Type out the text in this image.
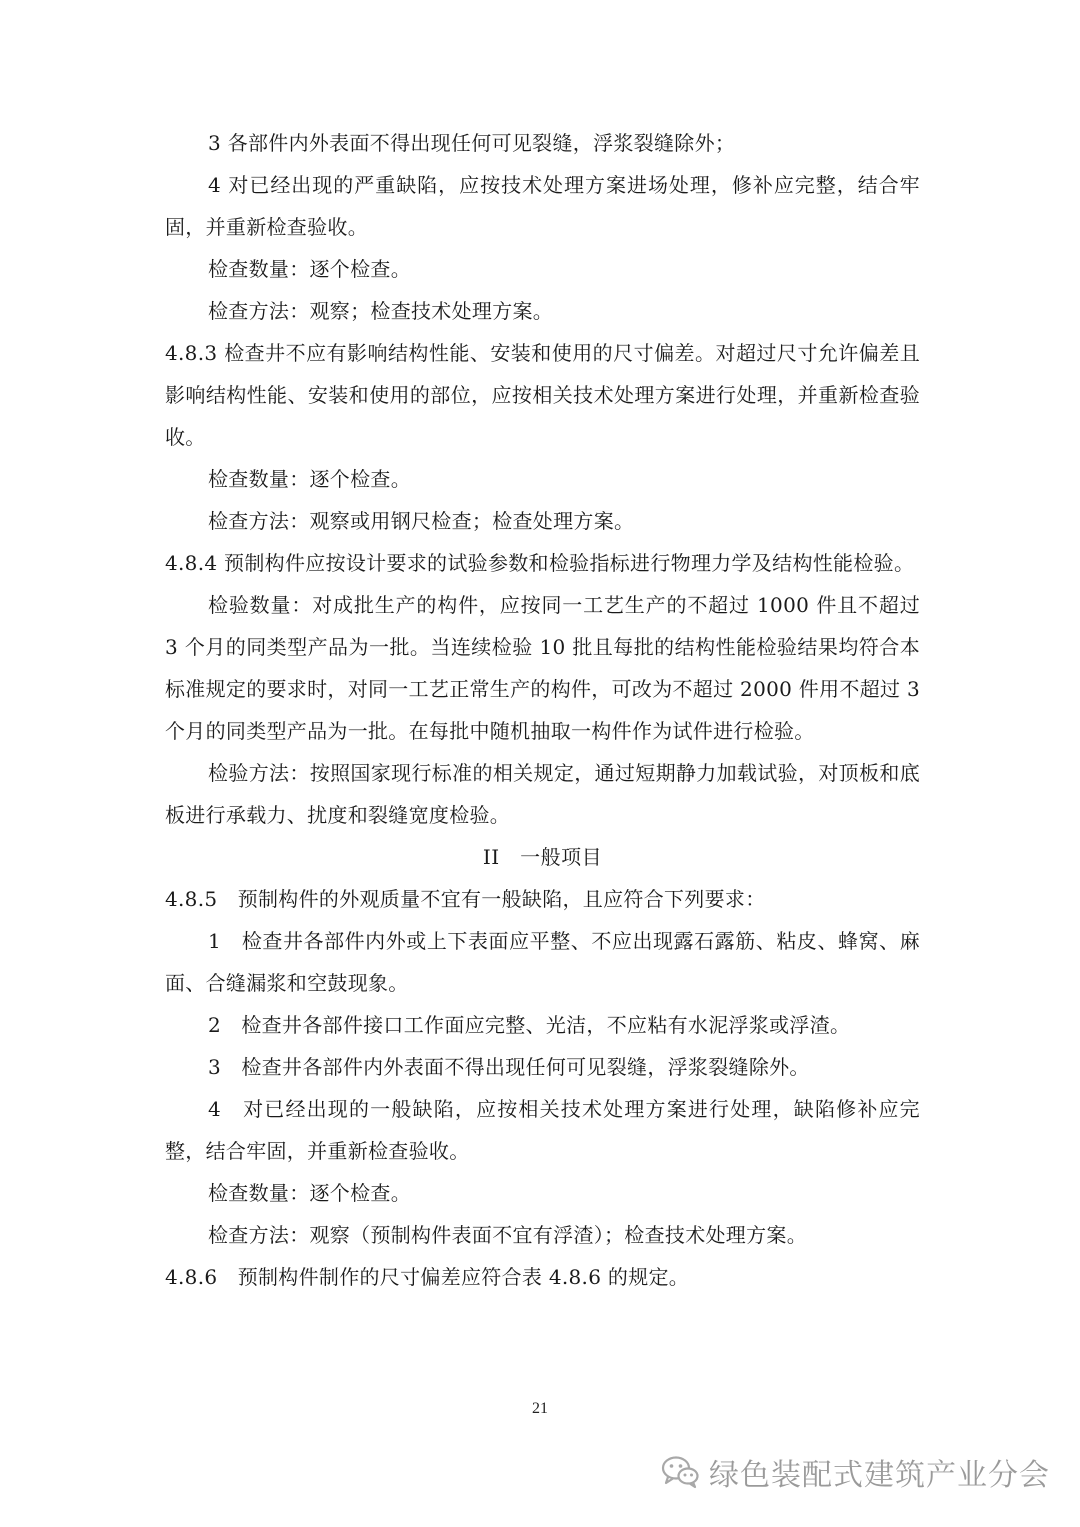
3 各部件内外表面不得出现任何可见裂缝，浮浆裂缝除外；

4 对已经出现的严重缺陷，应按技术处理方案进场处理，修补应完整，结合牢固，并重新检查验收。

检查数量：逐个检查。

检查方法：观察；检查技术处理方案。

4.8.3 检查井不应有影响结构性能、安装和使用的尺寸偏差。对超过尺寸允许偏差且影响结构性能、安装和使用的部位，应按相关技术处理方案进行处理，并重新检查验收。

检查数量：逐个检查。

检查方法：观察或用钢尺检查；检查处理方案。

4.8.4 预制构件应按设计要求的试验参数和检验指标进行物理力学及结构性能检验。

检验数量：对成批生产的构件，应按同一工艺生产的不超过 1000 件且不超过 3 个月的同类型产品为一批。当连续检验 10 批且每批的结构性能检验结果均符合本标准规定的要求时，对同一工艺正常生产的构件，可改为不超过 2000 件用不超过 3 个月的同类型产品为一批。在每批中随机抽取一构件作为试件进行检验。

检验方法：按照国家现行标准的相关规定，通过短期静力加载试验，对顶板和底板进行承载力、扰度和裂缝宽度检验。

II　一般项目

4.8.5　预制构件的外观质量不宜有一般缺陷，且应符合下列要求：

1　检查井各部件内外或上下表面应平整、不应出现露石露筋、粘皮、蜂窝、麻面、合缝漏浆和空鼓现象。

2　检查井各部件接口工作面应完整、光洁，不应粘有水泥浮浆或浮渣。

3　检查井各部件内外表面不得出现任何可见裂缝，浮浆裂缝除外。

4　对已经出现的一般缺陷，应按相关技术处理方案进行处理，缺陷修补应完整，结合牢固，并重新检查验收。

检查数量：逐个检查。

检查方法：观察（预制构件表面不宜有浮渣）；检查技术处理方案。

4.8.6　预制构件制作的尺寸偏差应符合表 4.8.6 的规定。

21
绿色装配式建筑产业分会
